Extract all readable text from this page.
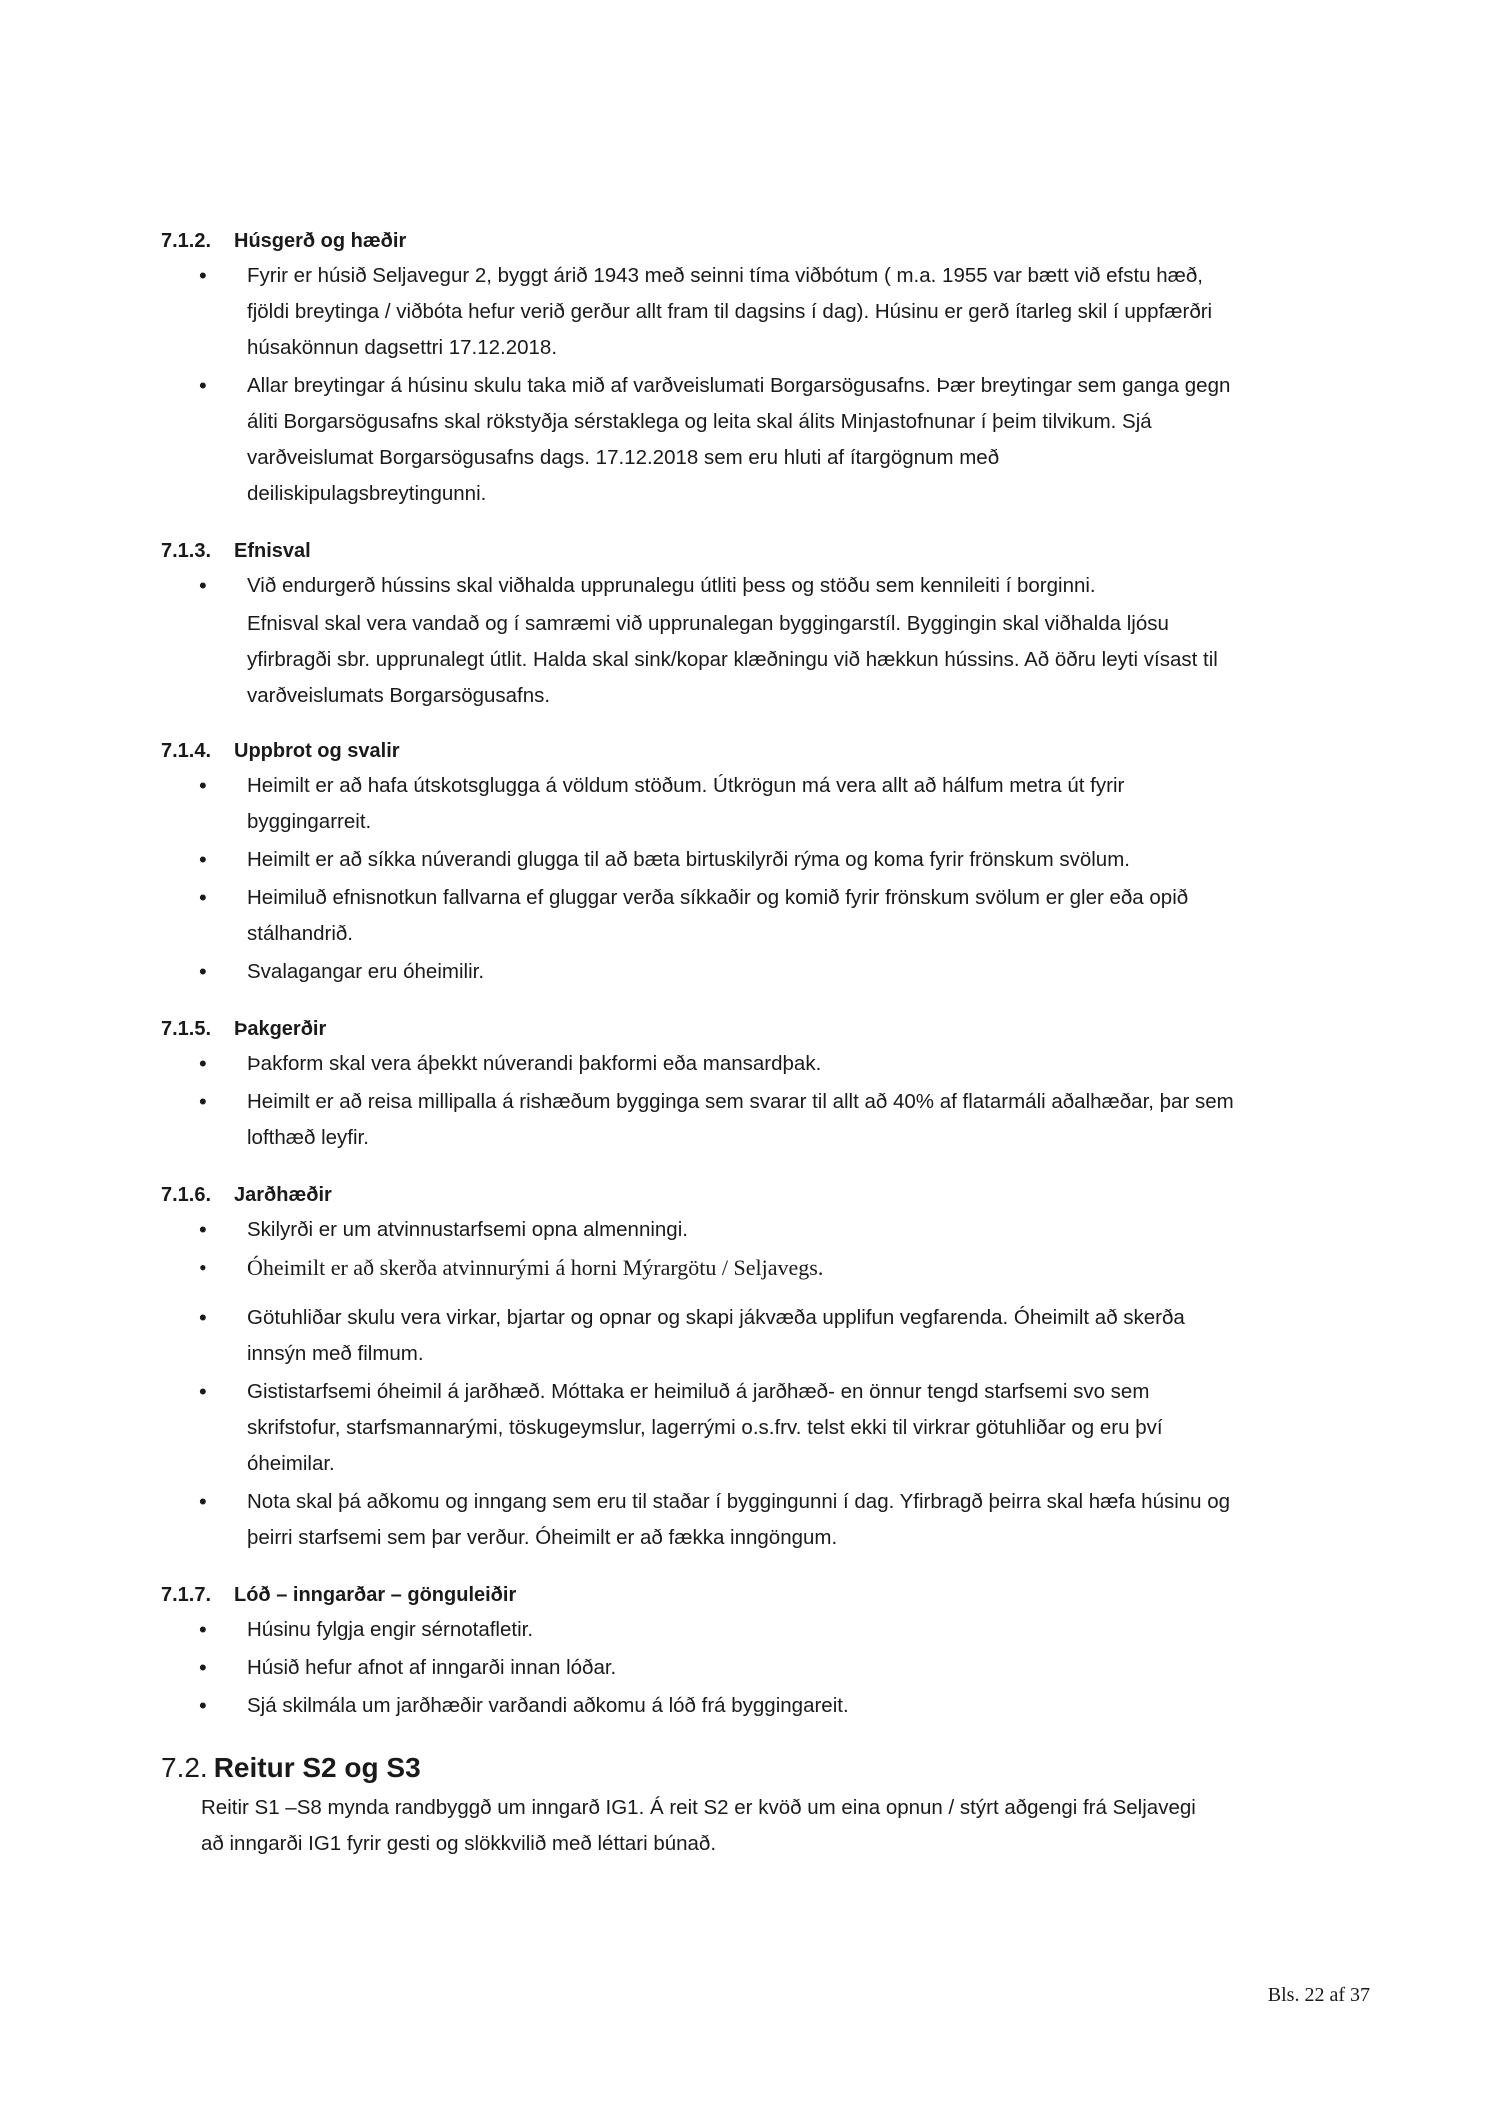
7.1.2.	Húsgerð og hæðir
• Fyrir er húsið Seljavegur 2, byggt árið 1943 með seinni tíma viðbótum ( m.a. 1955 var bætt við efstu hæð,
fjöldi breytinga / viðbóta hefur verið gerður allt fram til dagsins í dag). Húsinu er gerð ítarleg skil í uppfærðri
húsakönnun dagsettri 17.12.2018.
• Allar breytingar á húsinu skulu taka mið af varðveislumati Borgarsögusafns. Þær breytingar sem ganga gegn
áliti Borgarsögusafns skal rökstyðja sérstaklega og leita skal álits Minjastofnunar í þeim tilvikum. Sjá
varðveislumat Borgarsögusafns dags. 17.12.2018 sem eru hluti af ítargögnum með
deiliskipulagsbreytingunni.
7.1.3.	Efnisval
• Við endurgerð hússins skal viðhalda upprunalegu útliti þess og stöðu sem kennileiti í borginni.
Efnisval skal vera vandað og í samræmi við upprunalegan byggingarstíl. Byggingin skal viðhalda ljósu
yfirbragði sbr. upprunalegt útlit. Halda skal sink/kopar klæðningu við hækkun hússins. Að öðru leyti vísast til
varðveislumats Borgarsögusafns.
7.1.4.	Uppbrot og svalir
• Heimilt er að hafa útskotsglugga á völdum stöðum. Útkrögun má vera allt að hálfum metra út fyrir
byggingarreit.
• Heimilt er að síkka núverandi glugga til að bæta birtuskilyrði rýma og koma fyrir frönskum svölum.
• Heimiluð efnisnotkun fallvarna ef gluggar verða síkkaðir og komið fyrir frönskum svölum er gler eða opið
stálhandrið.
• Svalagangar eru óheimilir.
7.1.5.	Þakgerðir
• Þakform skal vera áþekkt núverandi þakformi eða mansardþak.
• Heimilt er að reisa millipalla á rishæðum bygginga sem svarar til allt að 40% af flatarmáli aðalhæðar, þar sem
lofthæð leyfir.
7.1.6.	Jarðhæðir
• Skilyrði er um atvinnustarfsemi opna almenningi.
• Óheimilt er að skerða atvinnurými á horni Mýrargötu / Seljavegs.
• Götuhliðar skulu vera virkar, bjartar og opnar og skapi jákvæða upplifun vegfarenda. Óheimilt að skerða
innsýn með filmum.
• Gististarfsemi óheimil á jarðhæð. Móttaka er heimiluð á jarðhæð- en önnur tengd starfsemi svo sem
skrifstofur, starfsmannarými, töskugeymslur, lagerrými o.s.frv. telst ekki til virkrar götuhliðar og eru því
óheimilar.
• Nota skal þá aðkomu og inngang sem eru til staðar í byggingunni í dag. Yfirbragð þeirra skal hæfa húsinu og
þeirri starfsemi sem þar verður. Óheimilt er að fækka inngöngum.
7.1.7.	Lóð – inngarðar – gönguleiðir
• Húsinu fylgja engir sérnotafletir.
• Húsið hefur afnot af inngarði innan lóðar.
• Sjá skilmála um jarðhæðir varðandi aðkomu á lóð frá byggingareit.
7.2. Reitur S2 og S3
Reitir S1 –S8 mynda randbyggð um inngarð IG1. Á reit S2 er kvöð um eina opnun / stýrt aðgengi frá Seljavegi
að inngarði IG1 fyrir gesti og slökkvilið með léttari búnað.
Bls. 22 af 37
